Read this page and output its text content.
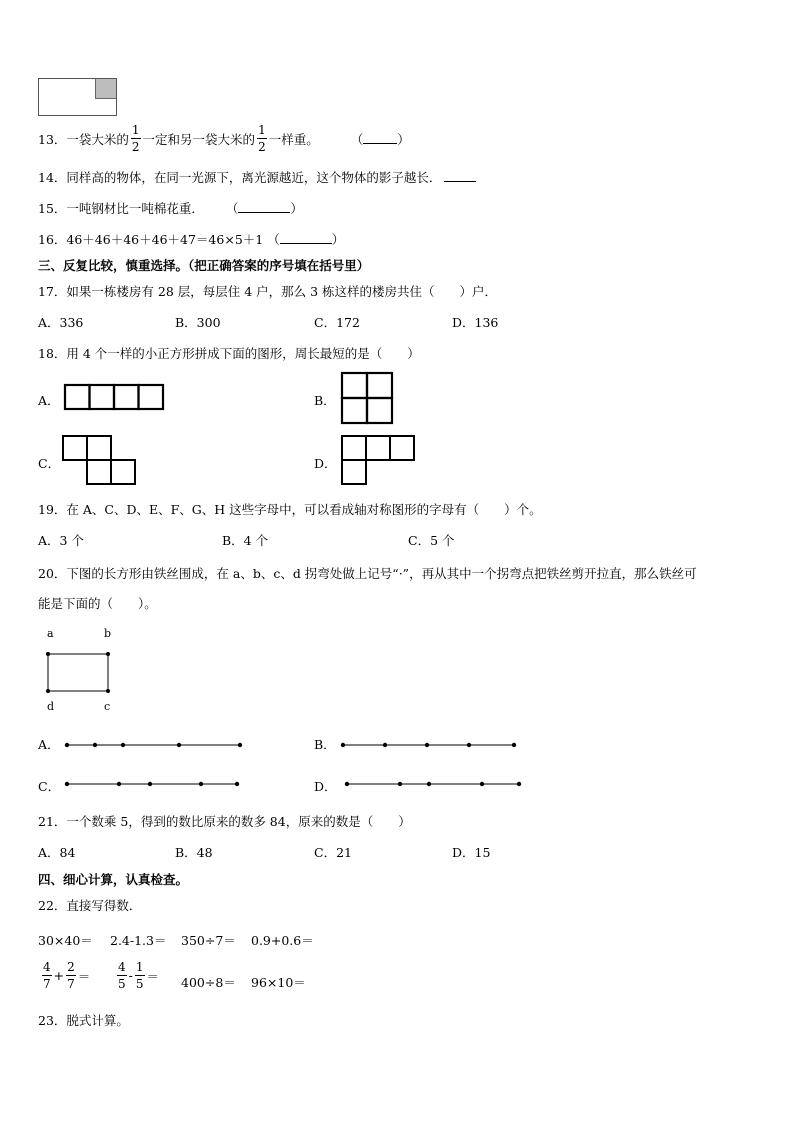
13．一袋大米的 $\frac{1}{2}$ 一定和另一袋大米的 $\frac{1}{2}$ 一样重。	（	）
14．同样高的物体，在同一光源下，离光源越近，这个物体的影子越长．
15．一吨钢材比一吨棉花重． （	）
16．46＋46＋46＋46＋47＝46×5＋1 （	）
三、反复比较，慎重选择。（把正确答案的序号填在括号里）
17．如果一栋楼房有 28 层，每层住 4 户，那么 3 栋这样的楼房共住（　　）户．
A．336	B．300	C．172	D．136
18．用 4 个一样的小正方形拼成下面的图形，周长最短的是（　　）
A．	B．
C．	D．
19．在 A、C、D、E、F、G、H 这些字母中，可以看成轴对称图形的字母有（　　）个。
A．3 个	B．4 个	C．5 个
20．下图的长方形由铁丝围成，在 a、b、c、d 拐弯处做上记号“·”，再从其中一个拐弯点把铁丝剪开拉直，那么铁丝可
能是下面的（　　）。
a	b
d	c
A．	B．
C．	D．
21．一个数乘 5，得到的数比原来的数多 84，原来的数是（　　）
A．84	B．48	C．21	D．15
四、细心计算，认真检查。
22．直接写得数．
30×40＝ 2.4-1.3＝ 350÷7＝ 0.9+0.6＝
$\frac{4}{7} + \frac{2}{7} = \frac{4}{5} - \frac{1}{5} = 400\div 8= 96\times 10=$
23．脱式计算。
